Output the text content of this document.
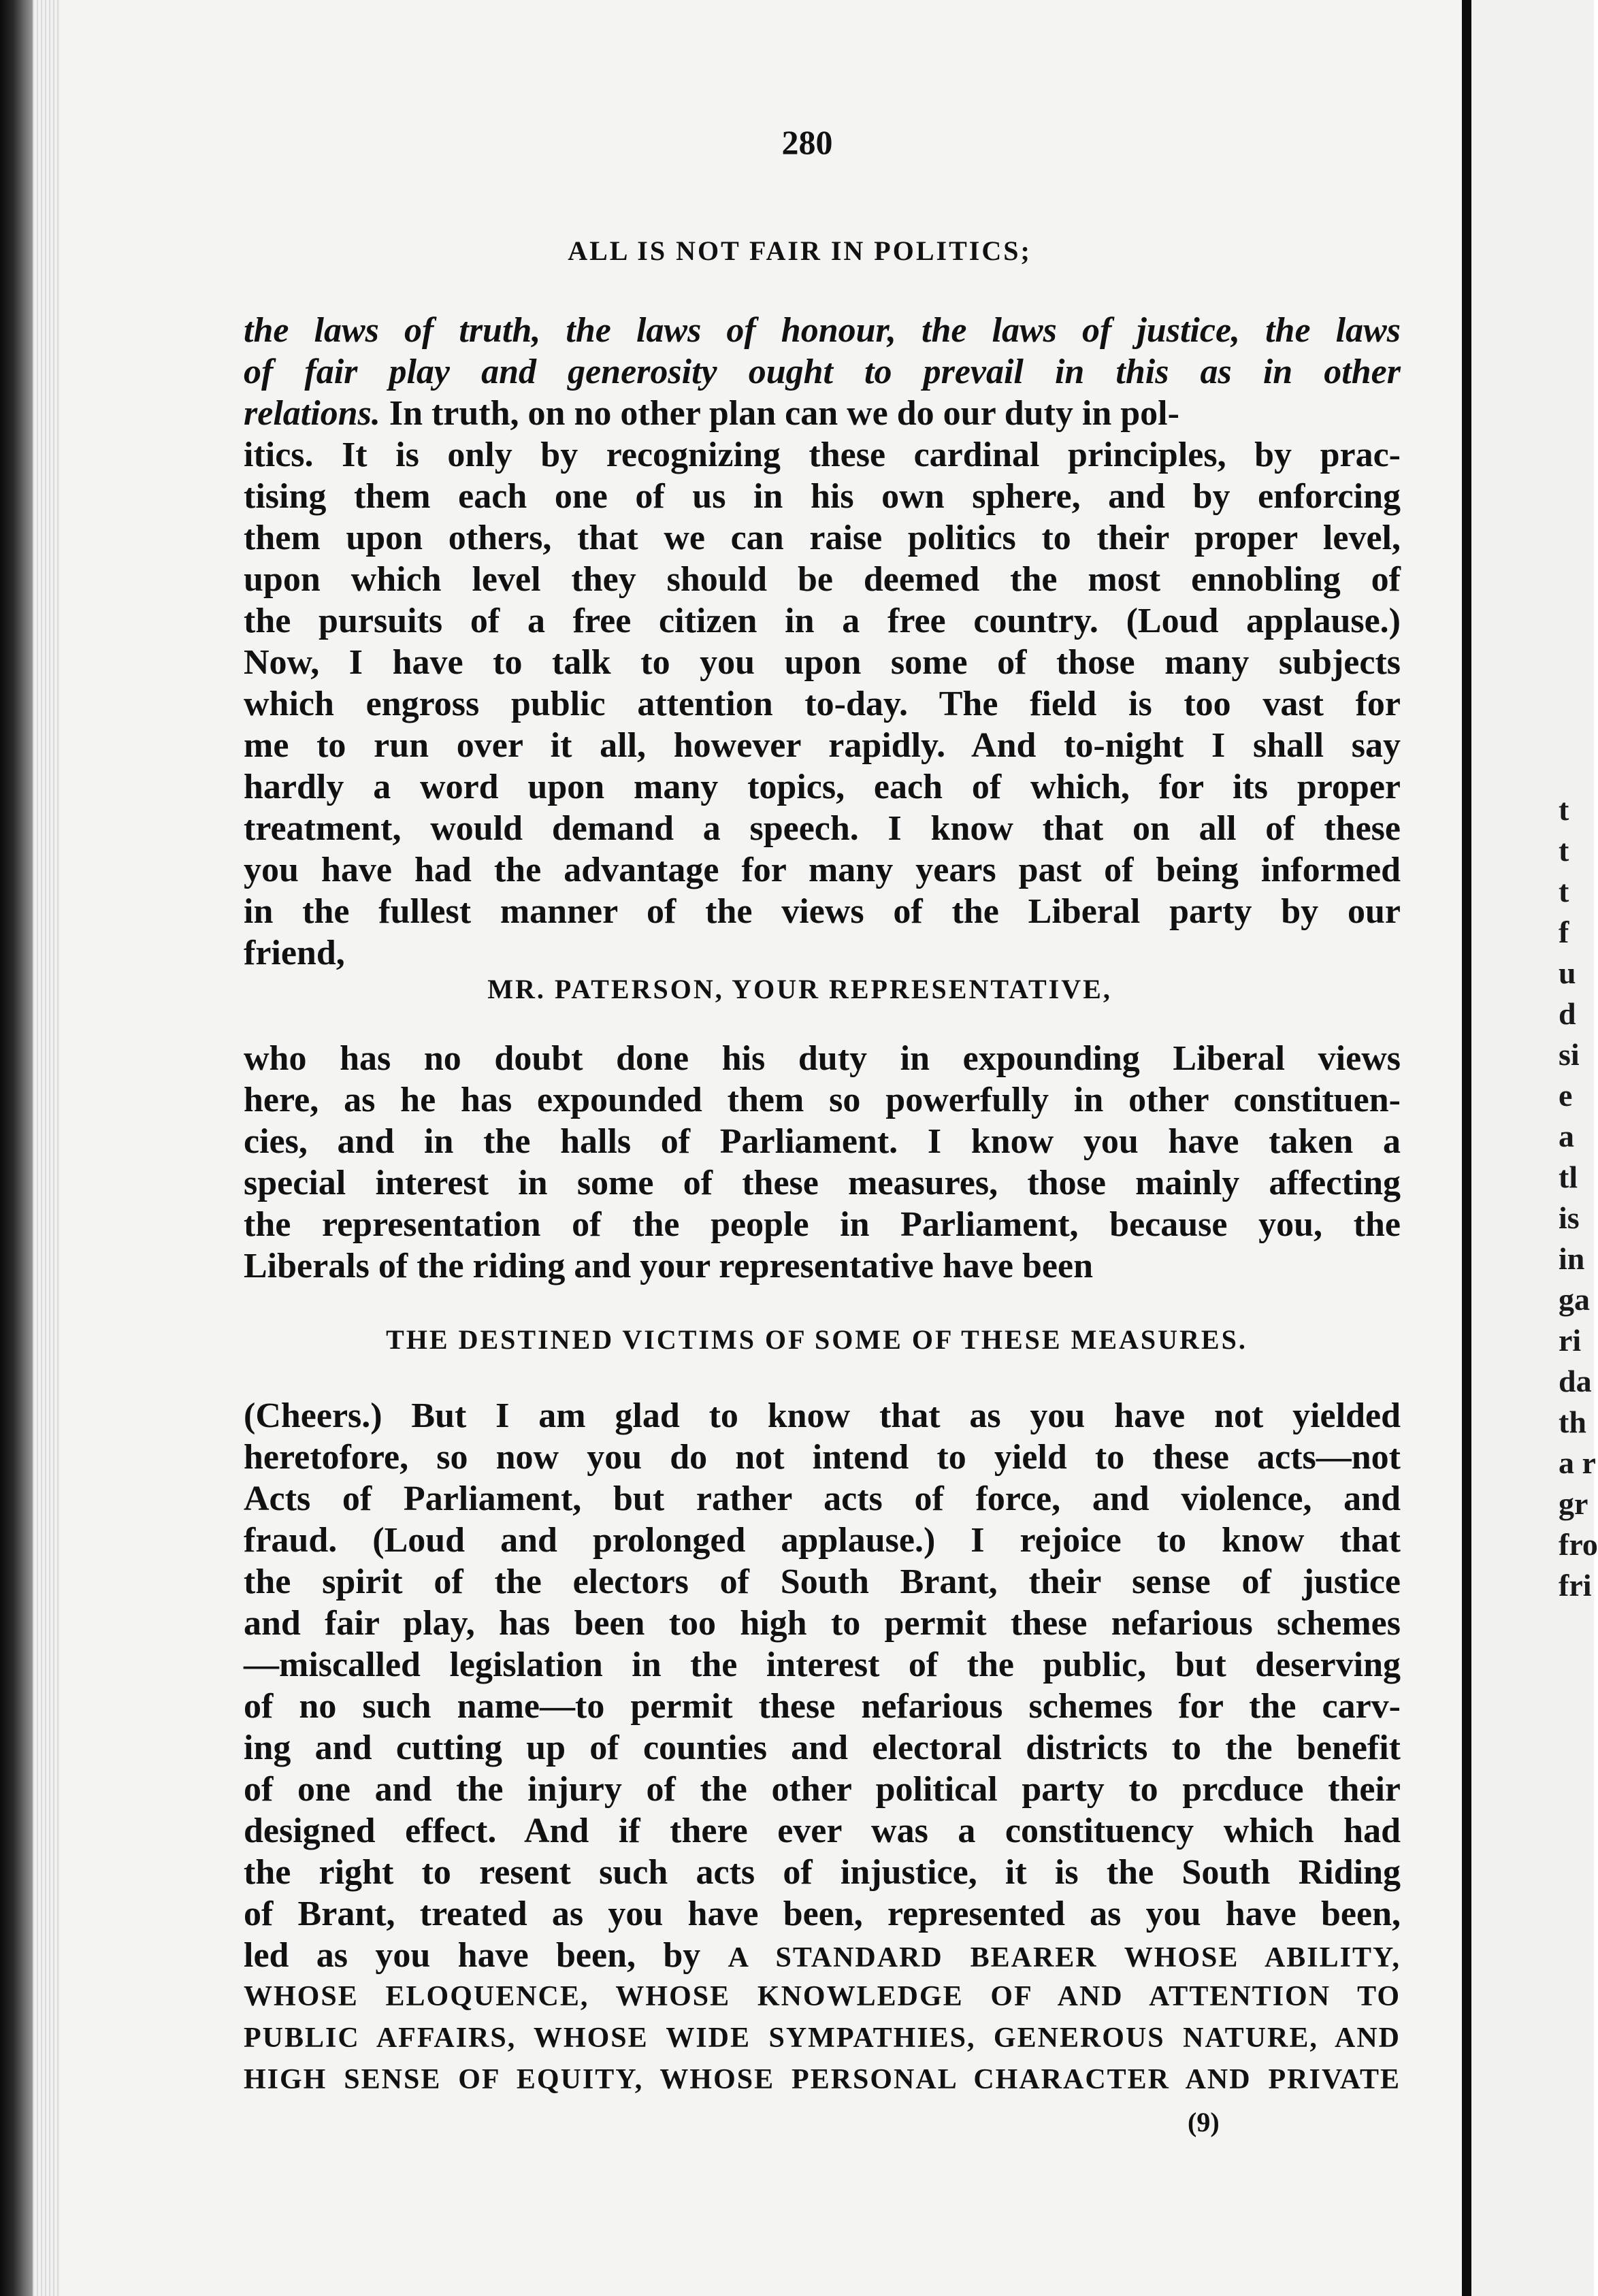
t
t
t
f
u
d
si
e
a
tl
is
in
ga
ri
da
th
a r
gr
fro
fri
280
ALL IS NOT FAIR IN POLITICS;
the laws of truth, the laws of honour, the laws of justice, the laws
of fair play and generosity ought to prevail in this as in other
relations. In truth, on no other plan can we do our duty in pol-
itics. It is only by recognizing these cardinal principles, by prac-
tising them each one of us in his own sphere, and by enforcing
them upon others, that we can raise politics to their proper level,
upon which level they should be deemed the most ennobling of
the pursuits of a free citizen in a free country. (Loud applause.)
Now, I have to talk to you upon some of those many subjects
which engross public attention to-day. The field is too vast for
me to run over it all, however rapidly. And to-night I shall say
hardly a word upon many topics, each of which, for its proper
treatment, would demand a speech. I know that on all of these
you have had the advantage for many years past of being informed
in the fullest manner of the views of the Liberal party by our
friend,
MR. PATERSON, YOUR REPRESENTATIVE,
who has no doubt done his duty in expounding Liberal views
here, as he has expounded them so powerfully in other constituen-
cies, and in the halls of Parliament. I know you have taken a
special interest in some of these measures, those mainly affecting
the representation of the people in Parliament, because you, the
Liberals of the riding and your representative have been
THE DESTINED VICTIMS OF SOME OF THESE MEASURES.
(Cheers.) But I am glad to know that as you have not yielded
heretofore, so now you do not intend to yield to these acts—not
Acts of Parliament, but rather acts of force, and violence, and
fraud. (Loud and prolonged applause.) I rejoice to know that
the spirit of the electors of South Brant, their sense of justice
and fair play, has been too high to permit these nefarious schemes
—miscalled legislation in the interest of the public, but deserving
of no such name—to permit these nefarious schemes for the carv-
ing and cutting up of counties and electoral districts to the benefit
of one and the injury of the other political party to prcduce their
designed effect. And if there ever was a constituency which had
the right to resent such acts of injustice, it is the South Riding
of Brant, treated as you have been, represented as you have been,
led as you have been, by A STANDARD BEARER WHOSE ABILITY,
WHOSE ELOQUENCE, WHOSE KNOWLEDGE OF AND ATTENTION TO
PUBLIC AFFAIRS, WHOSE WIDE SYMPATHIES, GENEROUS NATURE, AND
HIGH SENSE OF EQUITY, WHOSE PERSONAL CHARACTER AND PRIVATE
(9)
